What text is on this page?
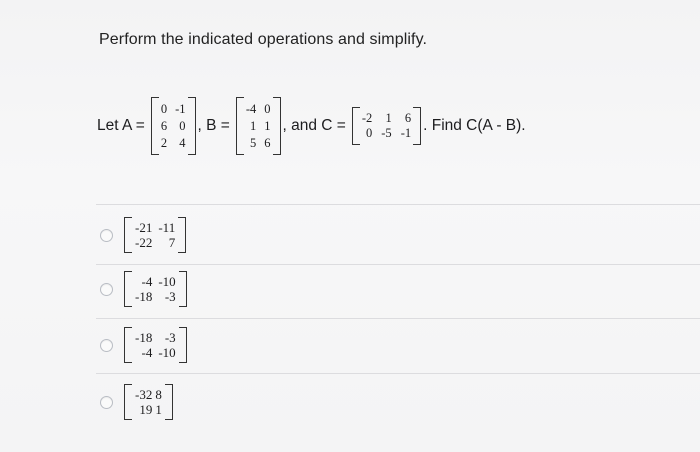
Perform the indicated operations and simplify.
Let A =
0 -1
6 0
2 4
, B =
-4 0
1 1
5 6
, and C = -2	1	6
0 -5 -1 . Find C(A - B).
-21 -11
-22	7
-4 -10
-18 -3
-18 -3
-4 -10
-32 8
19 1
